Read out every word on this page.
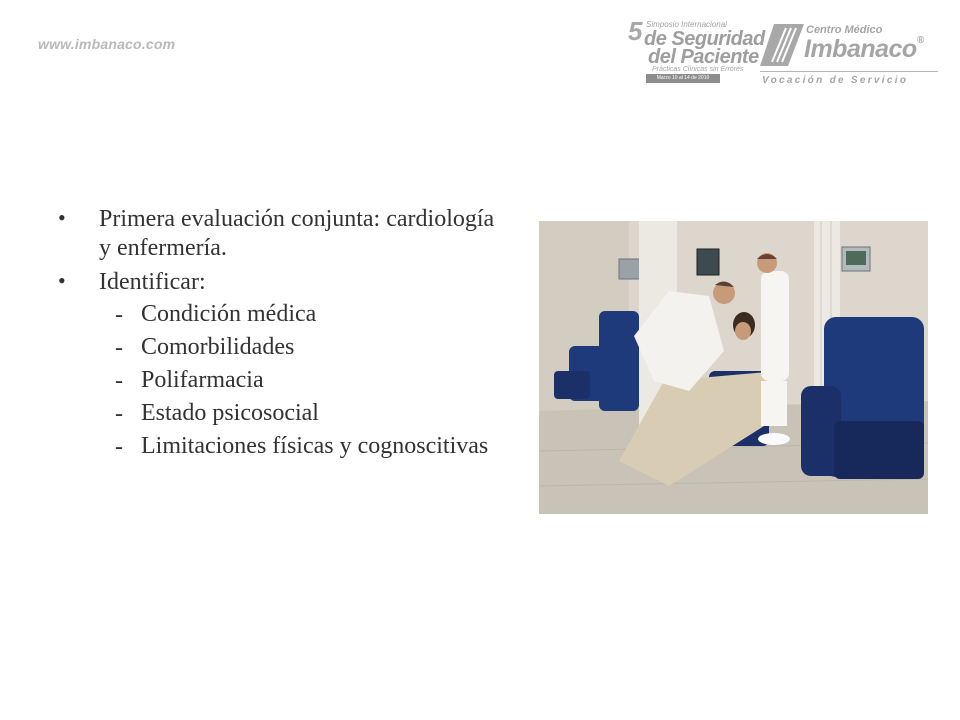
www.imbanaco.com	5 Simposio Internacional
de Seguridad
del Paciente
Prácticas Clínicas sin Errores
Marzo 10 al 14 de 2010
Centro Médico
Imbanaco®
Vocación de Servicio
• Primera evaluación conjunta: cardiología y enfermería.
• Identificar:
- Condición médica
- Comorbilidades
- Polifarmacia
- Estado psicosocial
- Limitaciones físicas y cognoscitivas
